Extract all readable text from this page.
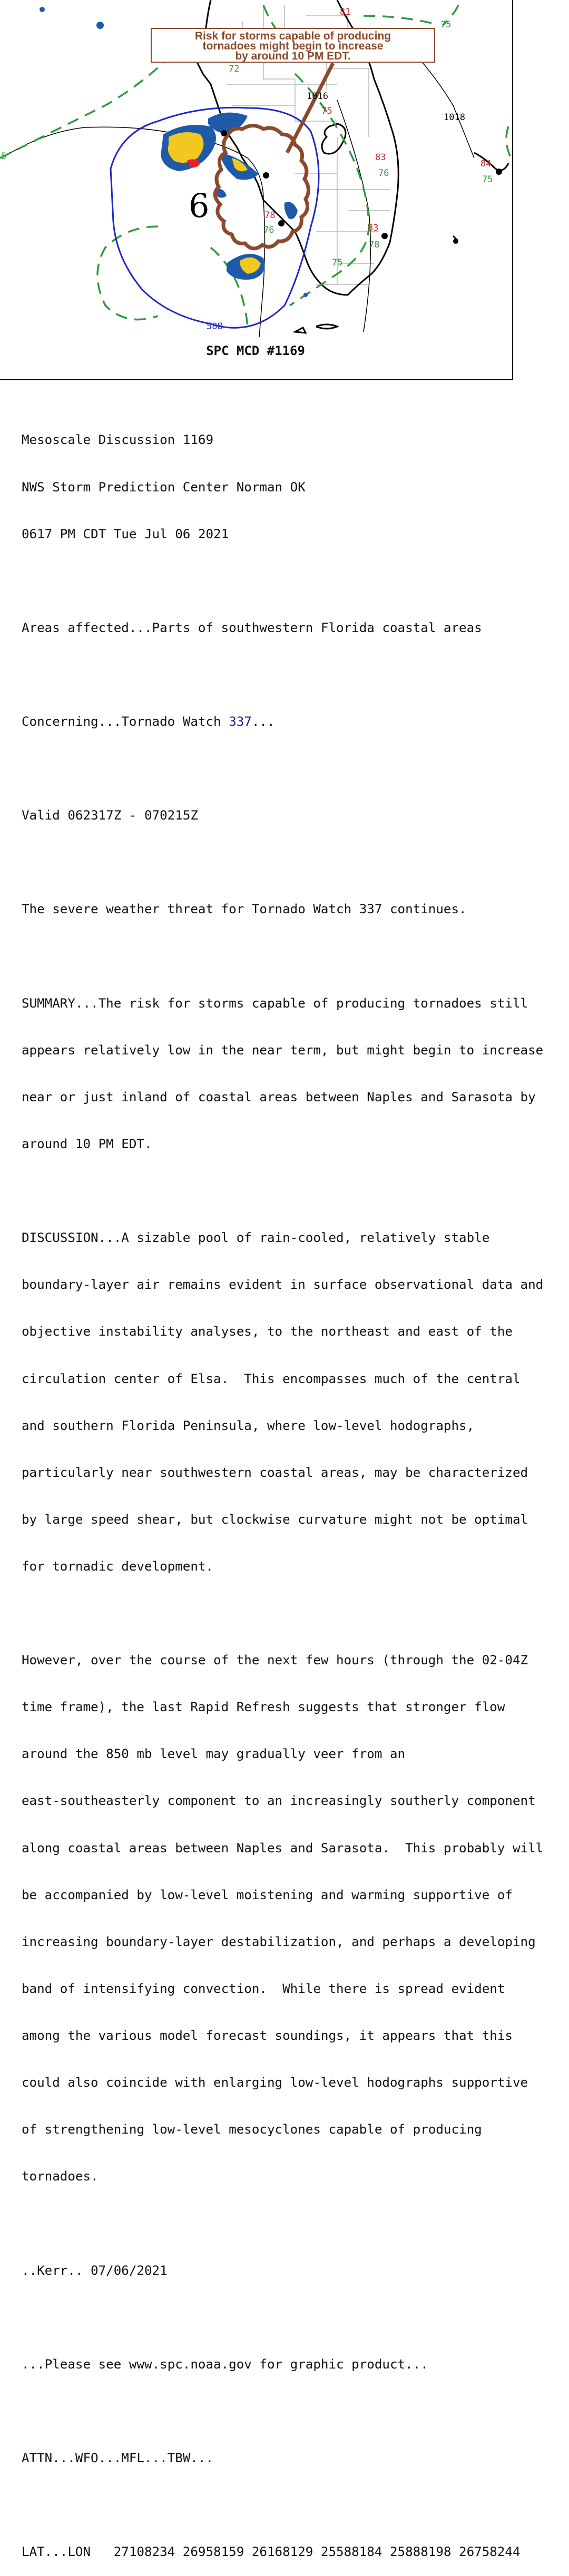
6
1016
1018
588
75
75
72
76
76
78
75
5
81
75
83
83
84
78
Risk for storms capable of producing
tornadoes might begin to increase
by around 10 PM EDT.
SPC MCD #1169

Mesoscale Discussion 1169

NWS Storm Prediction Center Norman OK

0617 PM CDT Tue Jul 06 2021

Areas affected...Parts of southwestern Florida coastal areas

Concerning...Tornado Watch 337...

Valid 062317Z - 070215Z

The severe weather threat for Tornado Watch 337 continues.

SUMMARY...The risk for storms capable of producing tornadoes still

appears relatively low in the near term, but might begin to increase

near or just inland of coastal areas between Naples and Sarasota by

around 10 PM EDT.

DISCUSSION...A sizable pool of rain-cooled, relatively stable

boundary-layer air remains evident in surface observational data and

objective instability analyses, to the northeast and east of the

circulation center of Elsa.  This encompasses much of the central

and southern Florida Peninsula, where low-level hodographs,

particularly near southwestern coastal areas, may be characterized

by large speed shear, but clockwise curvature might not be optimal

for tornadic development.

However, over the course of the next few hours (through the 02-04Z

time frame), the last Rapid Refresh suggests that stronger flow

around the 850 mb level may gradually veer from an

east-southeasterly component to an increasingly southerly component

along coastal areas between Naples and Sarasota.  This probably will

be accompanied by low-level moistening and warming supportive of

increasing boundary-layer destabilization, and perhaps a developing

band of intensifying convection.  While there is spread evident

among the various model forecast soundings, it appears that this

could also coincide with enlarging low-level hodographs supportive

of strengthening low-level mesocyclones capable of producing

tornadoes.

..Kerr.. 07/06/2021

...Please see www.spc.noaa.gov for graphic product...

ATTN...WFO...MFL...TBW...

LAT...LON   27108234 26958159 26168129 25588184 25888198 26758244
